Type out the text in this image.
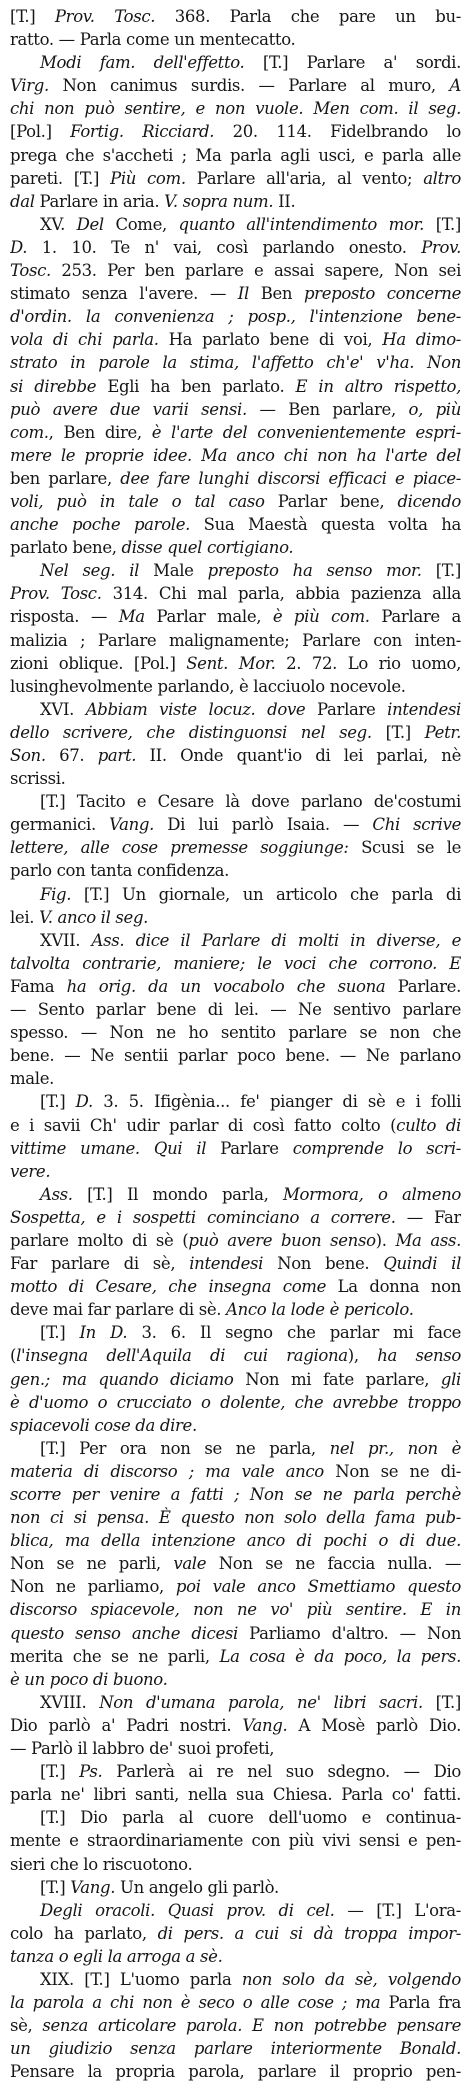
[T.] Prov. Tosc. 368. Parla che pare un bu-
ratto. — Parla come un mentecatto.
Modi fam. dell'effetto. [T.] Parlare a' sordi.
Virg. Non canimus surdis. — Parlare al muro, A
chi non può sentire, e non vuole. Men com. il seg.
[Pol.] Fortig. Ricciard. 20. 114. Fidelbrando lo
prega che s'accheti ; Ma parla agli usci, e parla alle
pareti. [T.] Più com. Parlare all'aria, al vento; altro
dal Parlare in aria. V. sopra num. II.
XV. Del Come, quanto all'intendimento mor. [T.]
D. 1. 10. Te n' vai, così parlando onesto. Prov.
Tosc. 253. Per ben parlare e assai sapere, Non sei
stimato senza l'avere. — Il Ben preposto concerne
d'ordin. la convenienza ; posp., l'intenzione bene-
vola di chi parla. Ha parlato bene di voi, Ha dimo-
strato in parole la stima, l'affetto ch'e' v'ha. Non
si direbbe Egli ha ben parlato. E in altro rispetto,
può avere due varii sensi. — Ben parlare, o, più
com., Ben dire, è l'arte del convenientemente espri-
mere le proprie idee. Ma anco chi non ha l'arte del
ben parlare, dee fare lunghi discorsi efficaci e piace-
voli, può in tale o tal caso Parlar bene, dicendo
anche poche parole. Sua Maestà questa volta ha
parlato bene, disse quel cortigiano.
Nel seg. il Male preposto ha senso mor. [T.]
Prov. Tosc. 314. Chi mal parla, abbia pazienza alla
risposta. — Ma Parlar male, è più com. Parlare a
malizia ; Parlare malignamente; Parlare con inten-
zioni oblique. [Pol.] Sent. Mor. 2. 72. Lo rio uomo,
lusinghevolmente parlando, è lacciuolo nocevole.
XVI. Abbiam viste locuz. dove Parlare intendesi
dello scrivere, che distinguonsi nel seg. [T.] Petr.
Son. 67. part. II. Onde quant'io di lei parlai, nè
scrissi.
[T.] Tacito e Cesare là dove parlano de'costumi
germanici. Vang. Di lui parlò Isaia. — Chi scrive
lettere, alle cose premesse soggiunge: Scusi se le
parlo con tanta confidenza.
Fig. [T.] Un giornale, un articolo che parla di
lei. V. anco il seg.
XVII. Ass. dice il Parlare di molti in diverse, e
talvolta contrarie, maniere; le voci che corrono. E
Fama ha orig. da un vocabolo che suona Parlare.
— Sento parlar bene di lei. — Ne sentivo parlare
spesso. — Non ne ho sentito parlare se non che
bene. — Ne sentii parlar poco bene. — Ne parlano
male.
[T.] D. 3. 5. Ifigènia... fe' pianger di sè e i folli
e i savii Ch' udir parlar di così fatto colto (culto di
vittime umane. Qui il Parlare comprende lo scri-
vere.
Ass. [T.] Il mondo parla, Mormora, o almeno
Sospetta, e i sospetti cominciano a correre. — Far
parlare molto di sè (può avere buon senso). Ma ass.
Far parlare di sè, intendesi Non bene. Quindi il
motto di Cesare, che insegna come La donna non
deve mai far parlare di sè. Anco la lode è pericolo.
[T.] In D. 3. 6. Il segno che parlar mi face
(l'insegna dell'Aquila di cui ragiona), ha senso
gen.; ma quando diciamo Non mi fate parlare, gli
è d'uomo o crucciato o dolente, che avrebbe troppo
spiacevoli cose da dire.
[T.] Per ora non se ne parla, nel pr., non è
materia di discorso ; ma vale anco Non se ne di-
scorre per venire a fatti ; Non se ne parla perchè
non ci si pensa. È questo non solo della fama pub-
blica, ma della intenzione anco di pochi o di due.
Non se ne parli, vale Non se ne faccia nulla. —
Non ne parliamo, poi vale anco Smettiamo questo
discorso spiacevole, non ne vo' più sentire. E in
questo senso anche dicesi Parliamo d'altro. — Non
merita che se ne parli, La cosa è da poco, la pers.
è un poco di buono.
XVIII. Non d'umana parola, ne' libri sacri. [T.]
Dio parlò a' Padri nostri. Vang. A Mosè parlò Dio.
— Parlò il labbro de' suoi profeti,
[T.] Ps. Parlerà ai re nel suo sdegno. — Dio
parla ne' libri santi, nella sua Chiesa. Parla co' fatti.
[T.] Dio parla al cuore dell'uomo e continua-
mente e straordinariamente con più vivi sensi e pen-
sieri che lo riscuotono.
[T.] Vang. Un angelo gli parlò.
Degli oracoli. Quasi prov. di cel. — [T.] L'ora-
colo ha parlato, di pers. a cui si dà troppa impor-
tanza o egli la arroga a sè.
XIX. [T.] L'uomo parla non solo da sè, volgendo
la parola a chi non è seco o alle cose ; ma Parla fra
sè, senza articolare parola. E non potrebbe pensare
un giudizio senza parlare interiormente Bonald.
Pensare la propria parola, parlare il proprio pen-
